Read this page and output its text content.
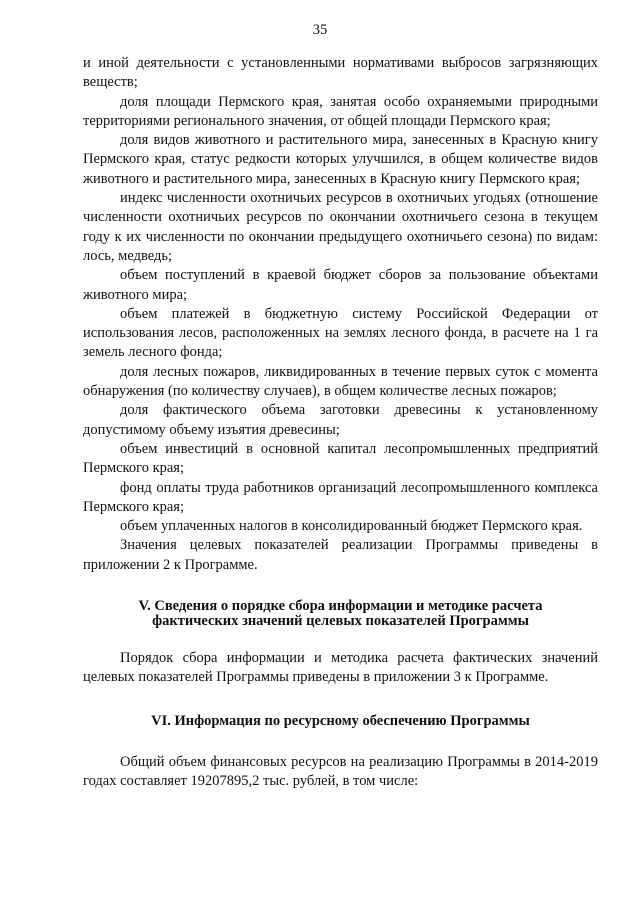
35

и иной деятельности с установленными нормативами выбросов загрязняющих веществ;

доля площади Пермского края, занятая особо охраняемыми природными территориями регионального значения, от общей площади Пермского края;

доля видов животного и растительного мира, занесенных в Красную книгу Пермского края, статус редкости которых улучшился, в общем количестве видов животного и растительного мира, занесенных в Красную книгу Пермского края;

индекс численности охотничьих ресурсов в охотничьих угодьях (отношение численности охотничьих ресурсов по окончании охотничьего сезона в текущем году к их численности по окончании предыдущего охотничьего сезона) по видам: лось, медведь;

объем поступлений в краевой бюджет сборов за пользование объектами животного мира;

объем платежей в бюджетную систему Российской Федерации от использования лесов, расположенных на землях лесного фонда, в расчете на 1 га земель лесного фонда;

доля лесных пожаров, ликвидированных в течение первых суток с момента обнаружения (по количеству случаев), в общем количестве лесных пожаров;

доля фактического объема заготовки древесины к установленному допустимому объему изъятия древесины;

объем инвестиций в основной капитал лесопромышленных предприятий Пермского края;

фонд оплаты труда работников организаций лесопромышленного комплекса Пермского края;

объем уплаченных налогов в консолидированный бюджет Пермского края.

Значения целевых показателей реализации Программы приведены в приложении 2 к Программе.

V. Сведения о порядке сбора информации и методике расчета

фактических значений целевых показателей Программы

Порядок сбора информации и методика расчета фактических значений целевых показателей Программы приведены в приложении 3 к Программе.

VI. Информация по ресурсному обеспечению Программы

Общий объем финансовых ресурсов на реализацию Программы в 2014-2019 годах составляет 19207895,2 тыс. рублей, в том числе:
